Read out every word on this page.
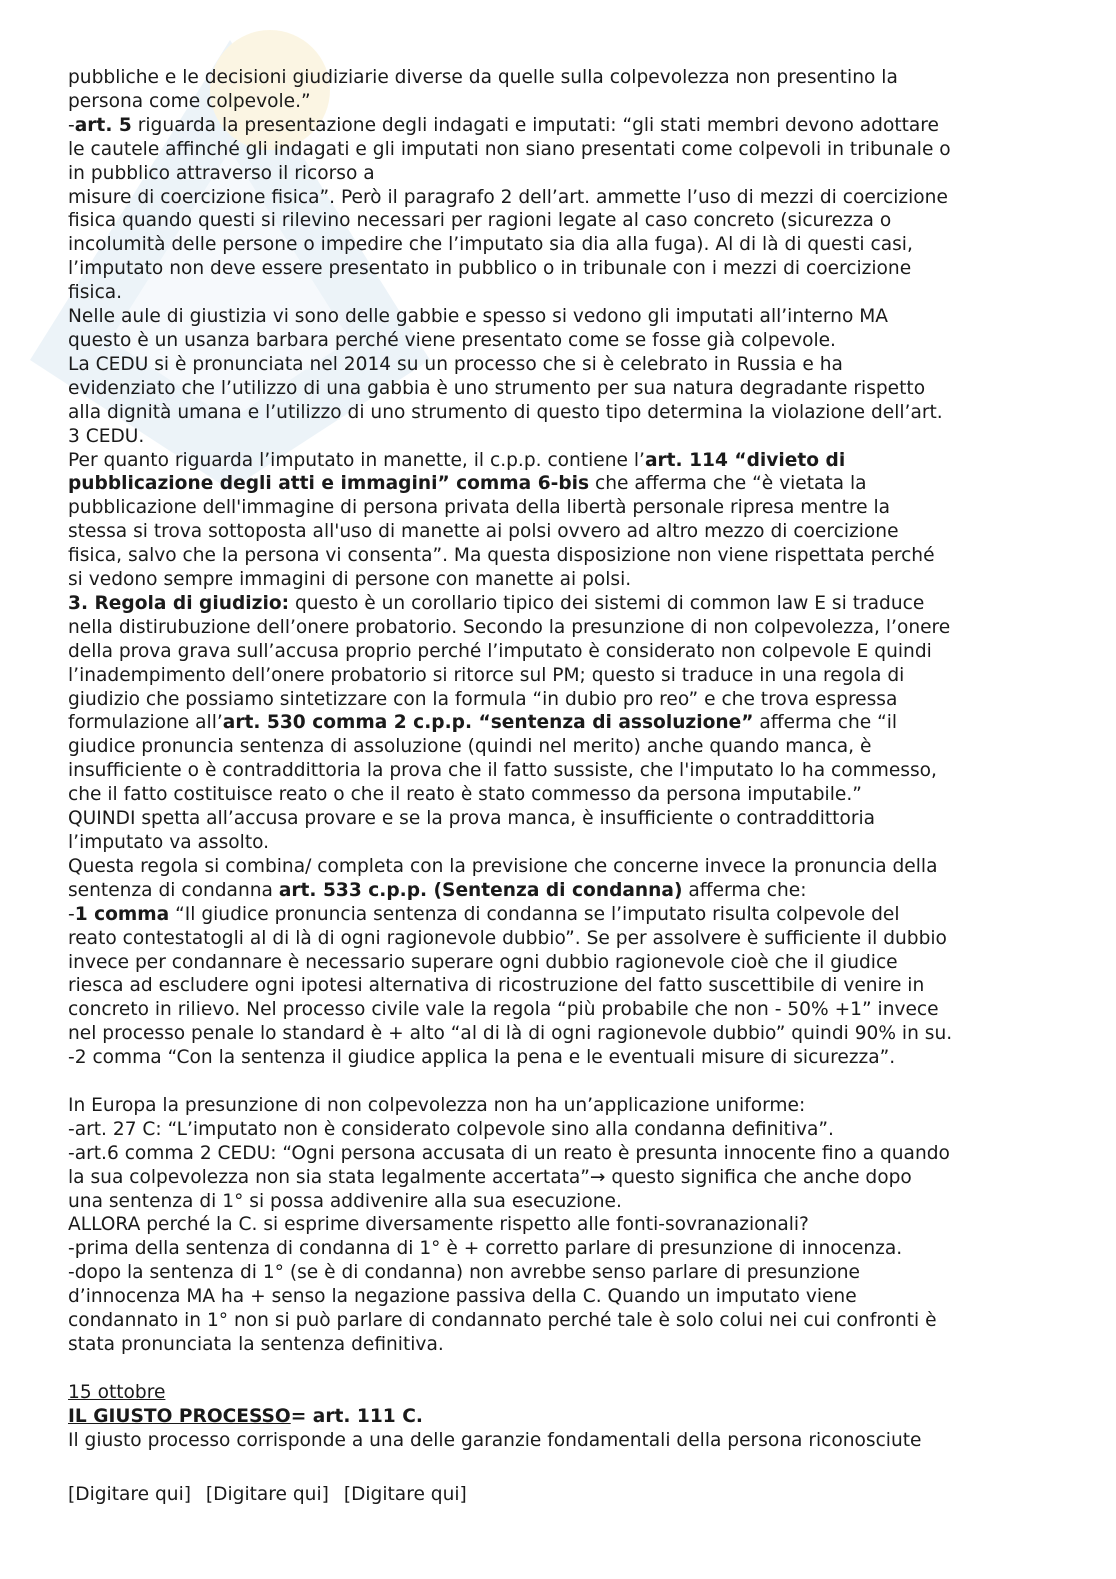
pubbliche e le decisioni giudiziarie diverse da quelle sulla colpevolezza non presentino la
persona come colpevole.”
-art. 5 riguarda la presentazione degli indagati e imputati: “gli stati membri devono adottare
le cautele affinché gli indagati e gli imputati non siano presentati come colpevoli in tribunale o
in pubblico attraverso il ricorso a
misure di coercizione fisica”. Però il paragrafo 2 dell’art. ammette l’uso di mezzi di coercizione
fisica quando questi si rilevino necessari per ragioni legate al caso concreto (sicurezza o
incolumità delle persone o impedire che l’imputato sia dia alla fuga). Al di là di questi casi,
l’imputato non deve essere presentato in pubblico o in tribunale con i mezzi di coercizione
fisica.
Nelle aule di giustizia vi sono delle gabbie e spesso si vedono gli imputati all’interno MA
questo è un usanza barbara perché viene presentato come se fosse già colpevole.
La CEDU si è pronunciata nel 2014 su un processo che si è celebrato in Russia e ha
evidenziato che l’utilizzo di una gabbia è uno strumento per sua natura degradante rispetto
alla dignità umana e l’utilizzo di uno strumento di questo tipo determina la violazione dell’art.
3 CEDU.
Per quanto riguarda l’imputato in manette, il c.p.p. contiene l’art. 114 “divieto di
pubblicazione degli atti e immagini” comma 6-bis che afferma che “è vietata la
pubblicazione dell'immagine di persona privata della libertà personale ripresa mentre la
stessa si trova sottoposta all'uso di manette ai polsi ovvero ad altro mezzo di coercizione
fisica, salvo che la persona vi consenta”. Ma questa disposizione non viene rispettata perché
si vedono sempre immagini di persone con manette ai polsi.
3. Regola di giudizio: questo è un corollario tipico dei sistemi di common law E si traduce
nella distirubuzione dell’onere probatorio. Secondo la presunzione di non colpevolezza, l’onere
della prova grava sull’accusa proprio perché l’imputato è considerato non colpevole E quindi
l’inadempimento dell’onere probatorio si ritorce sul PM; questo si traduce in una regola di
giudizio che possiamo sintetizzare con la formula “in dubio pro reo” e che trova espressa
formulazione all’art. 530 comma 2 c.p.p. “sentenza di assoluzione” afferma che “il
giudice pronuncia sentenza di assoluzione (quindi nel merito) anche quando manca, è
insufficiente o è contraddittoria la prova che il fatto sussiste, che l'imputato lo ha commesso,
che il fatto costituisce reato o che il reato è stato commesso da persona imputabile.”
QUINDI spetta all’accusa provare e se la prova manca, è insufficiente o contraddittoria
l’imputato va assolto.
Questa regola si combina/ completa con la previsione che concerne invece la pronuncia della
sentenza di condanna art. 533 c.p.p. (Sentenza di condanna) afferma che:
-1 comma “Il giudice pronuncia sentenza di condanna se l’imputato risulta colpevole del
reato contestatogli al di là di ogni ragionevole dubbio”. Se per assolvere è sufficiente il dubbio
invece per condannare è necessario superare ogni dubbio ragionevole cioè che il giudice
riesca ad escludere ogni ipotesi alternativa di ricostruzione del fatto suscettibile di venire in
concreto in rilievo. Nel processo civile vale la regola “più probabile che non - 50% +1” invece
nel processo penale lo standard è + alto “al di là di ogni ragionevole dubbio” quindi 90% in su.
-2 comma “Con la sentenza il giudice applica la pena e le eventuali misure di sicurezza”.
In Europa la presunzione di non colpevolezza non ha un’applicazione uniforme:
-art. 27 C: “L’imputato non è considerato colpevole sino alla condanna definitiva”.
-art.6 comma 2 CEDU: “Ogni persona accusata di un reato è presunta innocente fino a quando
la sua colpevolezza non sia stata legalmente accertata”→ questo significa che anche dopo
una sentenza di 1° si possa addivenire alla sua esecuzione.
ALLORA perché la C. si esprime diversamente rispetto alle fonti-sovranazionali?
-prima della sentenza di condanna di 1° è + corretto parlare di presunzione di innocenza.
-dopo la sentenza di 1° (se è di condanna) non avrebbe senso parlare di presunzione
d’innocenza MA ha + senso la negazione passiva della C. Quando un imputato viene
condannato in 1° non si può parlare di condannato perché tale è solo colui nei cui confronti è
stata pronunciata la sentenza definitiva.
15 ottobre
IL GIUSTO PROCESSO= art. 111 C.
Il giusto processo corrisponde a una delle garanzie fondamentali della persona riconosciute
[Digitare qui] [Digitare qui] [Digitare qui]
